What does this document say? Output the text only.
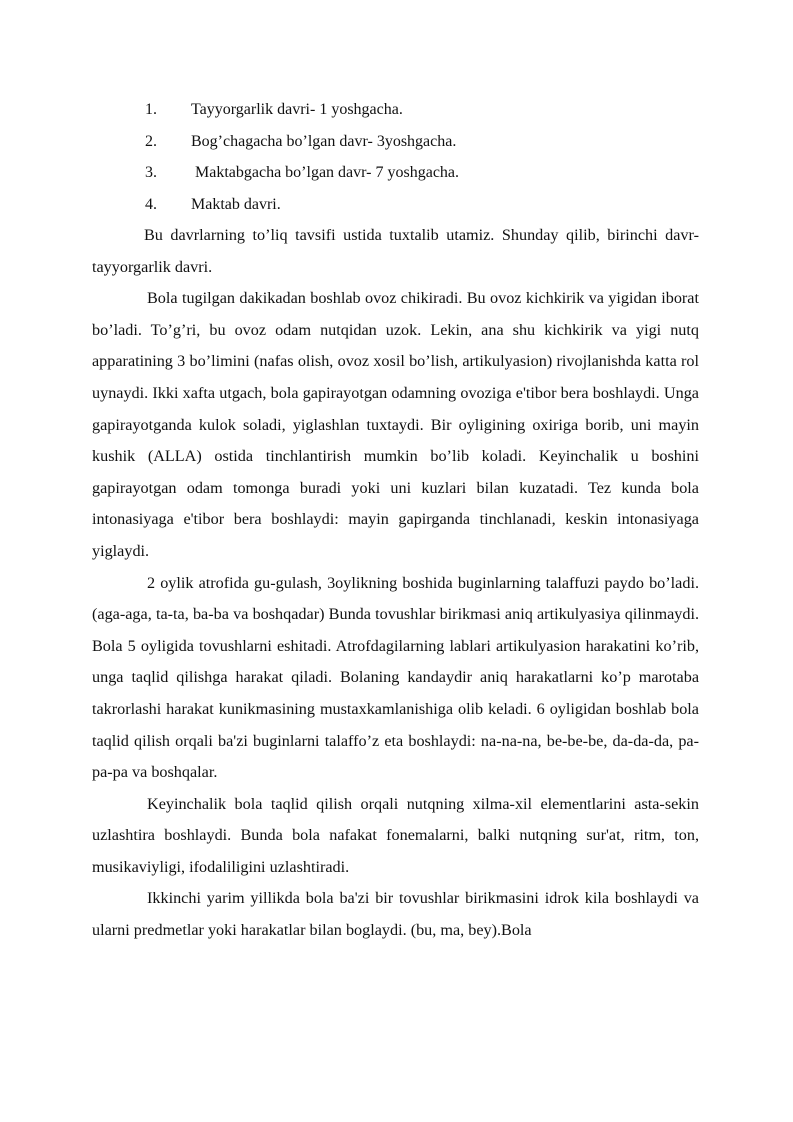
1.	Tayyorgarlik davri- 1 yoshgacha.
2.	Bog’chagacha bo’lgan davr- 3yoshgacha.
3.	Maktabgacha bo’lgan davr- 7 yoshgacha.
4.	Maktab davri.

Bu davrlarning to’liq tavsifi ustida tuxtalib utamiz. Shunday qilib, birinchi davr-tayyorgarlik davri.

Bola tugilgan dakikadan boshlab ovoz chikiradi. Bu ovoz kichkirik va yigidan iborat bo’ladi. To’g’ri, bu ovoz odam nutqidan uzok. Lekin, ana shu kichkirik va yigi nutq apparatining 3 bo’limini (nafas olish, ovoz xosil bo’lish, artikulyasion) rivojlanishda katta rol uynaydi. Ikki xafta utgach, bola gapirayotgan odamning ovoziga e'tibor bera boshlaydi. Unga gapirayotganda kulok soladi, yiglashlan tuxtaydi. Bir oyligining oxiriga borib, uni mayin kushik (ALLA) ostida tinchlantirish mumkin bo’lib koladi. Keyinchalik u boshini gapirayotgan odam tomonga buradi yoki uni kuzlari bilan kuzatadi. Tez kunda bola intonasiyaga e'tibor bera boshlaydi: mayin gapirganda tinchlanadi, keskin intonasiyaga yiglaydi.

2 oylik atrofida gu-gulash, 3oylikning boshida buginlarning talaffuzi paydo bo’ladi.(aga-aga, ta-ta, ba-ba va boshqadar) Bunda tovushlar birikmasi aniq artikulyasiya qilinmaydi. Bola 5 oyligida tovushlarni eshitadi. Atrofdagilarning lablari artikulyasion harakatini ko’rib, unga taqlid qilishga harakat qiladi. Bolaning kandaydir aniq harakatlarni ko’p marotaba takrorlashi harakat kunikmasining mustaxkamlanishiga olib keladi. 6 oyligidan boshlab bola taqlid qilish orqali ba'zi buginlarni talaffo’z eta boshlaydi: na-na-na, be-be-be, da-da-da, pa-pa-pa va boshqalar.

Keyinchalik bola taqlid qilish orqali nutqning xilma-xil elementlarini asta-sekin uzlashtira boshlaydi. Bunda bola nafakat fonemalarni, balki nutqning sur'at, ritm, ton, musikaviyligi, ifodaliligini uzlashtiradi.

Ikkinchi yarim yillikda bola ba'zi bir tovushlar birikmasini idrok kila boshlaydi va ularni predmetlar yoki harakatlar bilan boglaydi. (bu, ma, bey).Bola
